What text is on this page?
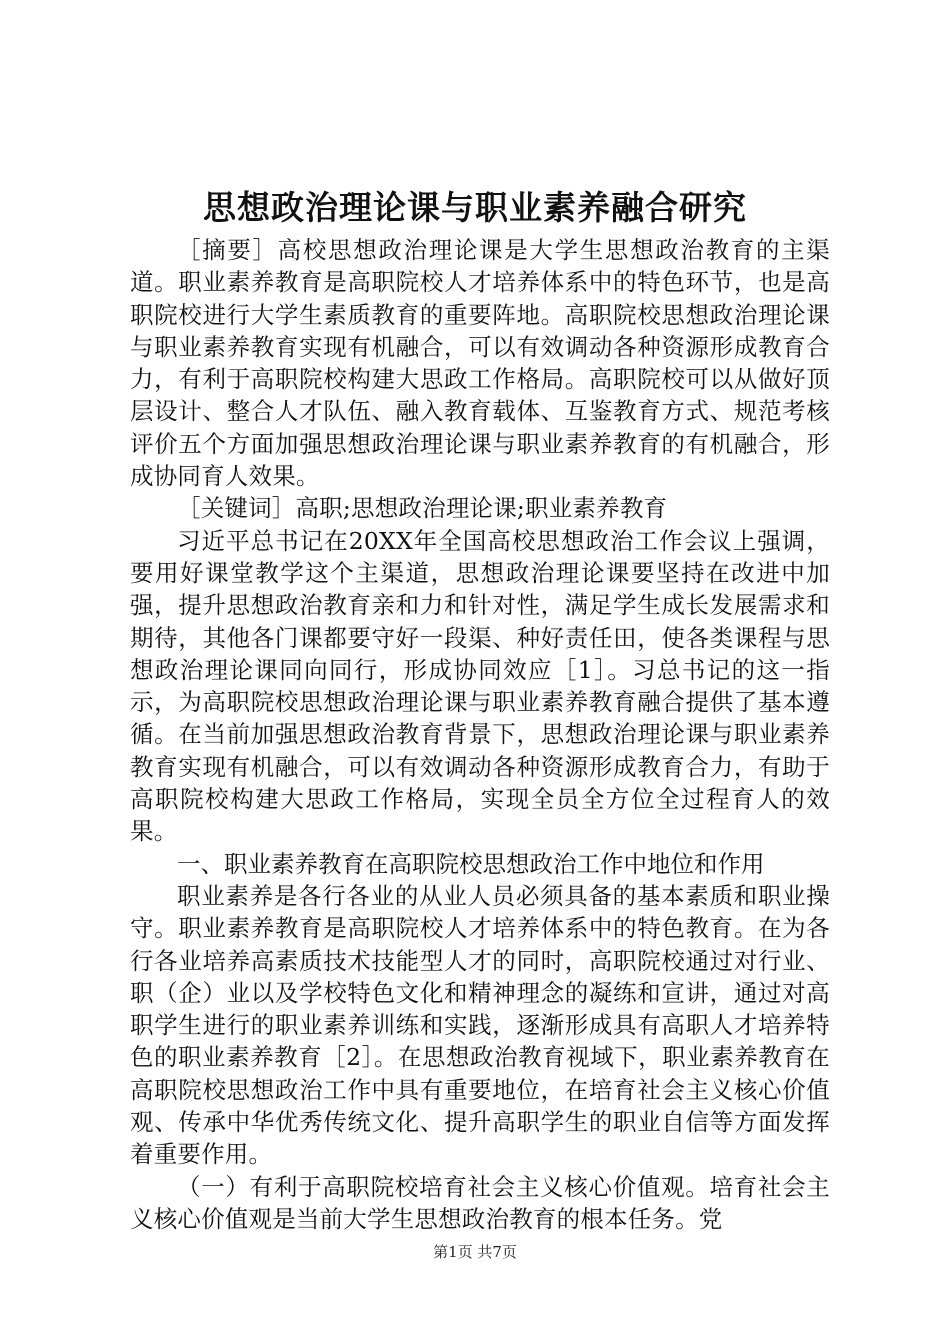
思想政治理论课与职业素养融合研究

［摘要］高校思想政治理论课是大学生思想政治教育的主渠道。职业素养教育是高职院校人才培养体系中的特色环节，也是高职院校进行大学生素质教育的重要阵地。高职院校思想政治理论课与职业素养教育实现有机融合，可以有效调动各种资源形成教育合力，有利于高职院校构建大思政工作格局。高职院校可以从做好顶层设计、整合人才队伍、融入教育载体、互鉴教育方式、规范考核评价五个方面加强思想政治理论课与职业素养教育的有机融合，形成协同育人效果。

［关键词］高职;思想政治理论课;职业素养教育

习近平总书记在20XX年全国高校思想政治工作会议上强调，要用好课堂教学这个主渠道，思想政治理论课要坚持在改进中加强，提升思想政治教育亲和力和针对性，满足学生成长发展需求和期待，其他各门课都要守好一段渠、种好责任田，使各类课程与思想政治理论课同向同行，形成协同效应［1］。习总书记的这一指示，为高职院校思想政治理论课与职业素养教育融合提供了基本遵循。在当前加强思想政治教育背景下，思想政治理论课与职业素养教育实现有机融合，可以有效调动各种资源形成教育合力，有助于高职院校构建大思政工作格局，实现全员全方位全过程育人的效果。

一、职业素养教育在高职院校思想政治工作中地位和作用

职业素养是各行各业的从业人员必须具备的基本素质和职业操守。职业素养教育是高职院校人才培养体系中的特色教育。在为各行各业培养高素质技术技能型人才的同时，高职院校通过对行业、职（企）业以及学校特色文化和精神理念的凝练和宣讲，通过对高职学生进行的职业素养训练和实践，逐渐形成具有高职人才培养特色的职业素养教育［2］。在思想政治教育视域下，职业素养教育在高职院校思想政治工作中具有重要地位，在培育社会主义核心价值观、传承中华优秀传统文化、提升高职学生的职业自信等方面发挥着重要作用。

（一）有利于高职院校培育社会主义核心价值观。培育社会主义核心价值观是当前大学生思想政治教育的根本任务。党

第1页 共7页
